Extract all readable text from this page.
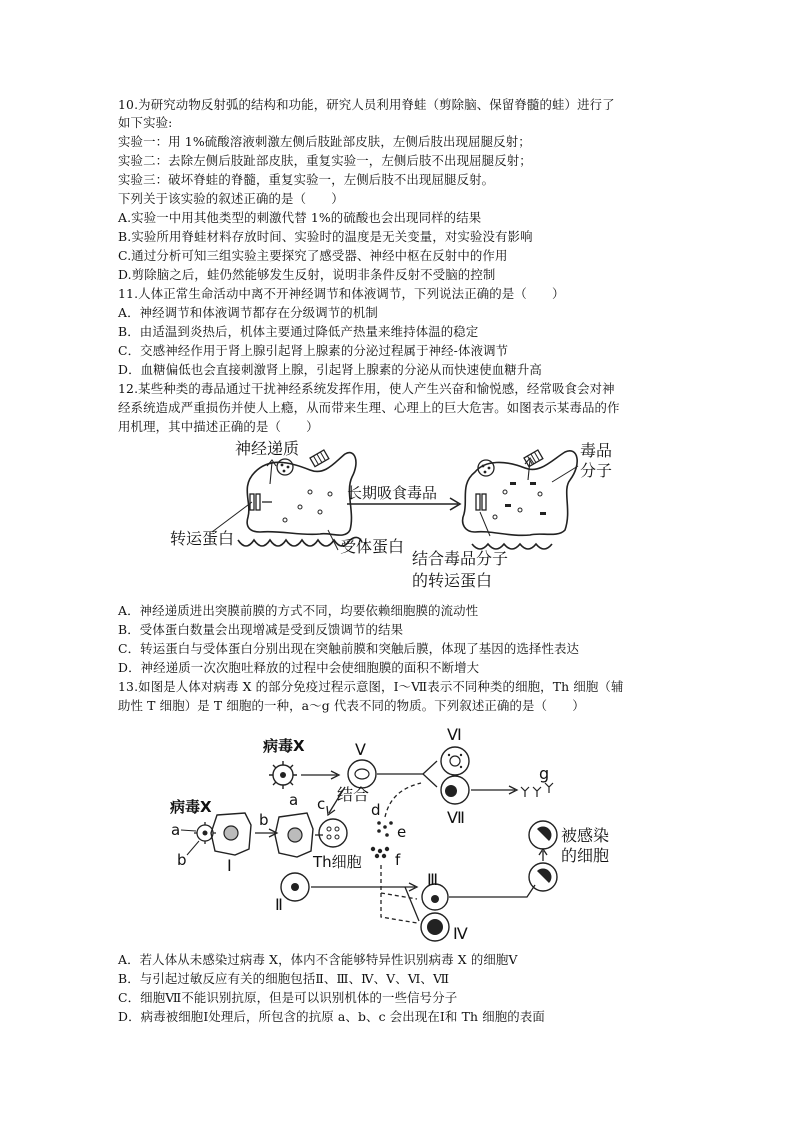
10.为研究动物反射弧的结构和功能，研究人员利用脊蛙（剪除脑、保留脊髓的蛙）进行了
如下实验:
实验一：用 1%硫酸溶液刺激左侧后肢趾部皮肤，左侧后肢出现屈腿反射；
实验二：去除左侧后肢趾部皮肤，重复实验一，左侧后肢不出现屈腿反射；
实验三：破坏脊蛙的脊髓，重复实验一，左侧后肢不出现屈腿反射。
下列关于该实验的叙述正确的是（　　）
A.实验一中用其他类型的刺激代替 1%的硫酸也会出现同样的结果
B.实验所用脊蛙材料存放时间、实验时的温度是无关变量，对实验没有影响
C.通过分析可知三组实验主要探究了感受器、神经中枢在反射中的作用
D.剪除脑之后，蛙仍然能够发生反射，说明非条件反射不受脑的控制
11.人体正常生命活动中离不开神经调节和体液调节，下列说法正确的是（　　）
A．神经调节和体液调节都存在分级调节的机制
B．由适温到炎热后，机体主要通过降低产热量来维持体温的稳定
C．交感神经作用于肾上腺引起肾上腺素的分泌过程属于神经-体液调节
D．血糖偏低也会直接刺激肾上腺，引起肾上腺素的分泌从而快速使血糖升高
12.某些种类的毒品通过干扰神经系统发挥作用，使人产生兴奋和愉悦感，经常吸食会对神
经系统造成严重损伤并使人上瘾，从而带来生理、心理上的巨大危害。如图表示某毒品的作
用机理，其中描述正确的是（　　）
神经递质
转运蛋白	受体蛋白
长期吸食毒品
毒品
分子
结合毒品分子
的转运蛋白
A．神经递质进出突膜前膜的方式不同，均要依赖细胞膜的流动性
B．受体蛋白数量会出现增减是受到反馈调节的结果
C．转运蛋白与受体蛋白分别出现在突触前膜和突触后膜，体现了基因的选择性表达
D．神经递质一次次胞吐释放的过程中会使细胞膜的面积不断增大
13.如图是人体对病毒 X 的部分免疫过程示意图，Ⅰ～Ⅶ表示不同种类的细胞，Th 细胞（辅
助性 T 细胞）是 T 细胞的一种，a～g 代表不同的物质。下列叙述正确的是（　　）
病毒X	Ⅴ
结合
Ⅵ
Ⅶ
g
病毒X
a
b	Ⅰ
b
a c
Th细胞
d
e
f
Ⅱ
Ⅲ
Ⅳ
被感染
的细胞
A．若人体从未感染过病毒 X，体内不含能够特异性识别病毒 X 的细胞Ⅴ
B．与引起过敏反应有关的细胞包括Ⅱ、Ⅲ、Ⅳ、Ⅴ、Ⅵ、Ⅶ
C．细胞Ⅶ不能识别抗原，但是可以识别机体的一些信号分子
D．病毒被细胞Ⅰ处理后，所包含的抗原 a、b、c 会出现在Ⅰ和 Th 细胞的表面
